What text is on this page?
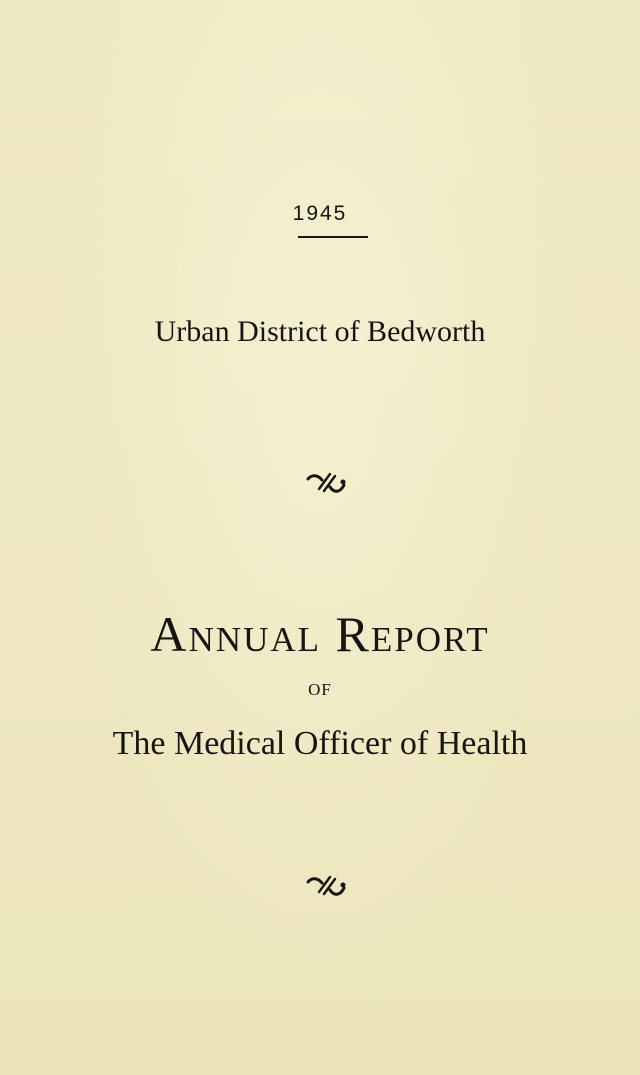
1945
Urban District of Bedworth
Annual Report
OF
The Medical Officer of Health
